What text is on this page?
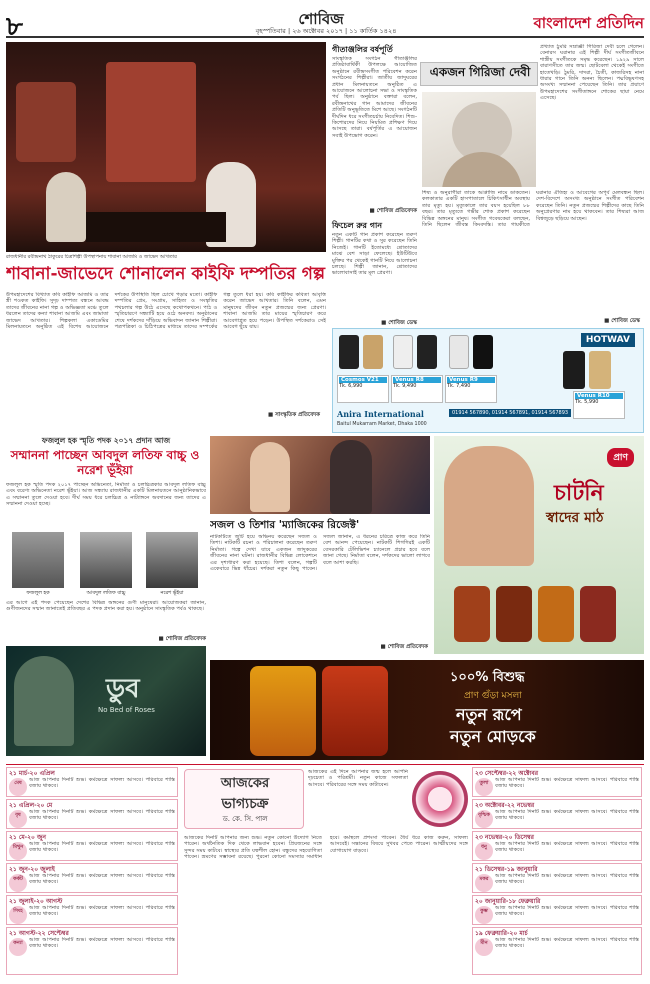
৮	শোবিজ
বৃহস্পতিবার | ২৬ অক্টোবর ২০১৭ | ১১ কার্তিক ১৪২৪	বাংলাদেশ প্রতিদিন
রাজধানীর রবীন্দ্রনাথ ঠাকুরের চিত্রশিল্পী উপস্থাপনায় শাবানা আজমি ও জাভেদ আখতার
শাবানা-জাভেদে শোনালেন কাইফি দম্পতির গল্প
উপমহাদেশের বিখ্যাত কবি কাইফি আজমি ও তার স্ত্রী শওকত কাইফি। সুদৃঢ় দাম্পত্য বন্ধনে আবদ্ধ তাদের জীবনের নানা গল্প ও অভিজ্ঞতা মঞ্চে তুলে ধরলেন তাদের কন্যা শাবানা আজমি এবং জামাতা জাভেদ আখতার। শিল্পকলা একাডেমির মিলনায়তনে অনুষ্ঠিত এই বিশেষ আয়োজনে দর্শকের উপস্থিতি ছিল চোখে পড়ার মতো। কাইফি দম্পতির প্রেম, সংগ্রাম, সাহিত্য ও সংস্কৃতির পথচলার গল্প উঠে এসেছে কথোপকথনে। পাঠ ও স্মৃতিচারণে সন্ধ্যাটি হয়ে ওঠে অনবদ্য। অনুষ্ঠানের শেষে দর্শকদের দাঁড়িয়ে অভিবাদন জানান শিল্পীরা। পত্রপত্রিকা ও চিঠিপত্রের মাধ্যমে তাদের সম্পর্কের গল্প তুলে ধরা হয়। কবি কাইফির কবিতা আবৃত্তি করেন জাভেদ আখতার। তিনি বলেন, এমন মানুষদের জীবন নতুন প্রজন্মের জন্য প্রেরণা। শাবানা আজমি তার মায়ের স্মৃতিচারণ করে আবেগাপ্লুত হয়ে পড়েন। উপস্থিত দর্শকেরাও সেই আবেগ ছুঁয়ে যায়।
■ সাংস্কৃতিক প্রতিবেদক
গীতাঞ্জলির বর্ষপূর্তি
সাংস্কৃতিক সংগঠন গীতাঞ্জলির প্রতিষ্ঠাবার্ষিকী উপলক্ষে আয়োজিত অনুষ্ঠানে রবীন্দ্রসংগীত পরিবেশন করেন সংগঠনের শিল্পীরা। জাতীয় জাদুঘরের প্রধান মিলনায়তনে অনুষ্ঠিত এ আয়োজনে আলোচনা সভা ও সাংস্কৃতিক পর্ব ছিল। অনুষ্ঠানে বক্তারা বলেন, রবীন্দ্রনাথের গান আমাদের জীবনের প্রতিটি অনুভূতিতে মিশে আছে। সংগঠনটি দীর্ঘদিন ধরে সংগীতচর্চায় নিবেদিত। শিশু-কিশোরদের নিয়ে নিয়মিত প্রশিক্ষণ দিয়ে আসছে তারা। বর্ষপূর্তির এ আয়োজন সবাই উপভোগ করেন।
■ শোবিজ প্রতিবেদক
ফিচেল রুর গান
নতুন একটি গান প্রকাশ করেছেন তরুণ শিল্পী। গানটির কথা ও সুর করেছেন তিনি নিজেই। গানটি ইতোমধ্যে শ্রোতাদের মাঝে বেশ সাড়া ফেলেছে। ইউটিউবে মুক্তির পর থেকেই গানটি নিয়ে আলোচনা চলছে। শিল্পী জানান, শ্রোতাদের ভালোবাসাই তার মূল প্রেরণা।
■ শোবিজ ডেস্ক
একজন গিরিজা দেবী
প্রখ্যাত ঠুমরি সম্রাজ্ঞী গিরিজা দেবী চলে গেলেন। বেনারস ঘরানার এই শিল্পী দীর্ঘ সংগীতজীবনে শাস্ত্রীয় সংগীতকে সমৃদ্ধ করেছেন। ১৯২৯ সালে বারাণসীতে তার জন্ম। ছোটবেলা থেকেই সংগীতে হাতেখড়ি। ঠুমরি, দাদরা, চৈতী, কাজরিসহ নানা ধারার গানে তিনি অনন্য ছিলেন। পদ্মবিভূষণসহ অসংখ্য সম্মাননা পেয়েছেন তিনি। তার প্রয়াণে উপমহাদেশের সংগীতাঙ্গনে শোকের ছায়া নেমে এসেছে।
শিষ্য ও অনুরাগীরা তাকে আপ্পাজি নামে ডাকতেন। কলকাতার একটি হাসপাতালে চিকিৎসাধীন অবস্থায় তার মৃত্যু হয়। মৃত্যুকালে তার বয়স হয়েছিল ৮৮ বছর। তার মৃত্যুতে গভীর শোক প্রকাশ করেছেন বিভিন্ন অঙ্গনের মানুষ। সংগীত গবেষকেরা বলছেন, তিনি ছিলেন জীবন্ত কিংবদন্তি। তার গায়কীতে ঘরানার ঐতিহ্য ও আবেগের অপূর্ব মেলবন্ধন ছিল। দেশ-বিদেশে অসংখ্য অনুষ্ঠানে সংগীত পরিবেশন করেছেন তিনি। নতুন প্রজন্মের শিল্পীদের কাছে তিনি অনুপ্রেরণার নাম হয়ে থাকবেন। তার শিষ্যরা আজ বিশ্বজুড়ে ছড়িয়ে আছেন।
■ শোবিজ ডেস্ক
HOTWAV
Cosmos V21
Tk. 6,990
Venus R8
Tk. 9,490
Venus R9
Tk. 7,490
Venus R10
Tk. 5,990
Anira International	01914 567890, 01914 567891, 01914 567893
Baitul Mukarram Market, Dhaka 1000
ফজলুল হক স্মৃতি পদক ২০১৭ প্রদান আজ
সম্মাননা পাচ্ছেন আবদুল লতিফ বাচ্চু ও নরেশ ভূঁইয়া
ফজলুল হক স্মৃতি পদক ২০১৭ পাচ্ছেন অভিনেতা, নির্মাতা ও চলচ্চিত্রকার আবদুল লতিফ বাচ্চু এবং বরেণ্য অভিনেতা নরেশ ভূঁইয়া। আজ সন্ধ্যায় রাজধানীর একটি মিলনায়তনে আনুষ্ঠানিকভাবে এ সম্মাননা তুলে দেওয়া হবে। দীর্ঘ সময় ধরে চলচ্চিত্র ও নাট্যাঙ্গনে অবদানের জন্য তাদের এ সম্মাননা দেওয়া হচ্ছে।
ফজলুল হক	আবদুল লতিফ বাচ্চু	নরেশ ভূঁইয়া
এর আগে এই পদক পেয়েছেন দেশের বিভিন্ন অঙ্গনের গুণী মানুষেরা। আয়োজকরা জানান, গুণীজনদের সম্মান জানাতেই প্রতিবছর এ পদক প্রদান করা হয়। অনুষ্ঠানে সাংস্কৃতিক পর্বও থাকছে।
■ শোবিজ প্রতিবেদক
ডুব
No Bed of Roses
সজল ও তিশার 'ম্যাজিকের রিজেক্ট'
নাটকটিতে জুটি হয়ে অভিনয় করেছেন সজল ও তিশা। নাটকটি রচনা ও পরিচালনা করেছেন তরুণ নির্মাতা। গল্পে দেখা যাবে একজন জাদুকরের জীবনের নানা ঘটনা। রাজধানীর বিভিন্ন লোকেশনে এর দৃশ্যধারণ করা হয়েছে। তিশা বলেন, গল্পটি একেবারে ভিন্ন ধাঁচের। দর্শকরা নতুন কিছু পাবেন। সজল জানান, এ ধরনের চরিত্রে কাজ করে তিনি বেশ আনন্দ পেয়েছেন। নাটকটি শিগগিরই একটি বেসরকারি টেলিভিশন চ্যানেলে প্রচার হবে বলে জানা গেছে। নির্মাতা বলেন, দর্শকদের ভালো লাগবে বলে আশা করছি।
■ শোবিজ প্রতিবেদক
প্রাণ
চাটনি
স্বাদের মাঠ
১০০% বিশুদ্ধ
প্রাণ গুঁড়া মসলা
নতুন রূপে
নতুন মোড়কে
আজকের
ভাগ্যচক্র
ড. কে. সি. পাল
আজকের এই দিনে আপনার জন্ম হলে আপনি দৃঢ়চেতা ও পরিশ্রমী। নতুন কাজে সফলতা আসবে। পরিবারের সঙ্গে সময় কাটাবেন।
২১ মার্চ-২০ এপ্রিল
মেষ	আজ আপনার দিনটি শুভ। কর্মক্ষেত্রে সাফল্য আসবে। পরিবারে শান্তি বজায় থাকবে।
২১ এপ্রিল-২০ মে
বৃষ	আজ আপনার দিনটি শুভ। কর্মক্ষেত্রে সাফল্য আসবে। পরিবারে শান্তি বজায় থাকবে।
২১ মে-২০ জুন
মিথুন	আজ আপনার দিনটি শুভ। কর্মক্ষেত্রে সাফল্য আসবে। পরিবারে শান্তি বজায় থাকবে।
২১ জুন-২০ জুলাই
কর্কট	আজ আপনার দিনটি শুভ। কর্মক্ষেত্রে সাফল্য আসবে। পরিবারে শান্তি বজায় থাকবে।
২১ জুলাই-২০ আগস্ট
সিংহ	আজ আপনার দিনটি শুভ। কর্মক্ষেত্রে সাফল্য আসবে। পরিবারে শান্তি বজায় থাকবে।
২১ আগস্ট-২২ সেপ্টেম্বর
কন্যা	আজ আপনার দিনটি শুভ। কর্মক্ষেত্রে সাফল্য আসবে। পরিবারে শান্তি বজায় থাকবে।
২৩ সেপ্টেম্বর-২২ অক্টোবর
তুলা	আজ আপনার দিনটি শুভ। কর্মক্ষেত্রে সাফল্য আসবে। পরিবারে শান্তি বজায় থাকবে।
২৩ অক্টোবর-২২ নভেম্বর
বৃশ্চিক আজ আপনার দিনটি শুভ। কর্মক্ষেত্রে সাফল্য আসবে। পরিবারে শান্তি বজায় থাকবে।
২৩ নভেম্বর-২০ ডিসেম্বর
ধনু	আজ আপনার দিনটি শুভ। কর্মক্ষেত্রে সাফল্য আসবে। পরিবারে শান্তি বজায় থাকবে।
২১ ডিসেম্বর-১৯ জানুয়ারি
মকর	আজ আপনার দিনটি শুভ। কর্মক্ষেত্রে সাফল্য আসবে। পরিবারে শান্তি বজায় থাকবে।
২০ জানুয়ারি-১৮ ফেব্রুয়ারি
কুম্ভ	আজ আপনার দিনটি শুভ। কর্মক্ষেত্রে সাফল্য আসবে। পরিবারে শান্তি বজায় থাকবে।
১৯ ফেব্রুয়ারি-২০ মার্চ
মীন	আজ আপনার দিনটি শুভ। কর্মক্ষেত্রে সাফল্য আসবে। পরিবারে শান্তি বজায় থাকবে।
আজকের দিনটি আপনার জন্য শুভ। নতুন কোনো উদ্যোগ নিতে পারেন। অর্থনৈতিক দিক থেকে লাভবান হবেন। প্রিয়জনের সঙ্গে সুন্দর সময় কাটবে। স্বাস্থ্যের প্রতি যত্নশীল হোন। বন্ধুদের সহযোগিতা পাবেন। ভ্রমণের সম্ভাবনা রয়েছে। পুরনো কোনো সমস্যার সমাধান হবে। কর্মস্থলে প্রশংসা পাবেন। ধৈর্য ধরে কাজ করুন, সাফল্য আসবেই। সন্তানের বিষয়ে সুখবর পেতে পারেন। আত্মীয়দের সঙ্গে যোগাযোগ বাড়বে।
